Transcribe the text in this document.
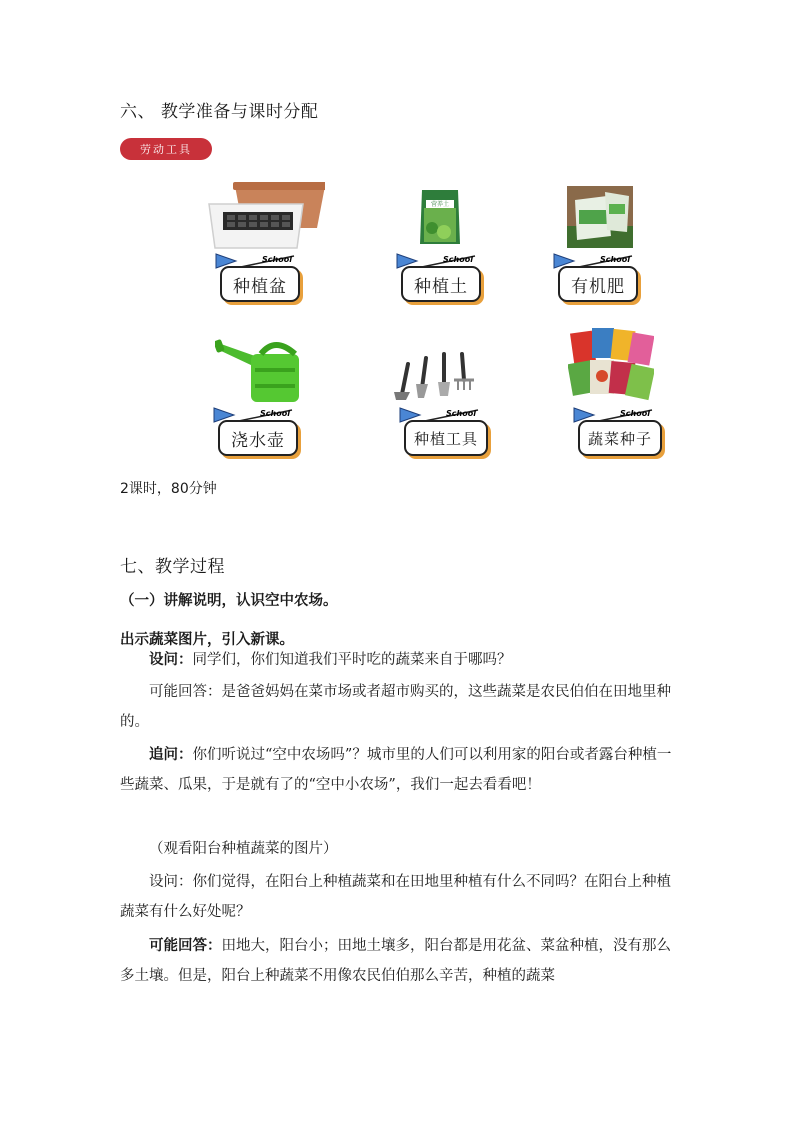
六、 教学准备与课时分配
劳动工具
School
种植盆
营养土
School
种植土
School
有机肥
School
浇水壶
School
种植工具
School
蔬菜种子
2课时，80分钟
七、教学过程
（一）讲解说明，认识空中农场。
出示蔬菜图片，引入新课。
设问：同学们，你们知道我们平时吃的蔬菜来自于哪吗？
可能回答：是爸爸妈妈在菜市场或者超市购买的，这些蔬菜是农民伯伯在田地里种的。
追问：你们听说过“空中农场吗”？城市里的人们可以利用家的阳台或者露台种植一些蔬菜、瓜果，于是就有了的“空中小农场”，我们一起去看看吧！
（观看阳台种植蔬菜的图片）
设问：你们觉得，在阳台上种植蔬菜和在田地里种植有什么不同吗？在阳台上种植蔬菜有什么好处呢？
可能回答：田地大，阳台小；田地土壤多，阳台都是用花盆、菜盆种植，没有那么多土壤。但是，阳台上种蔬菜不用像农民伯伯那么辛苦，种植的蔬菜
